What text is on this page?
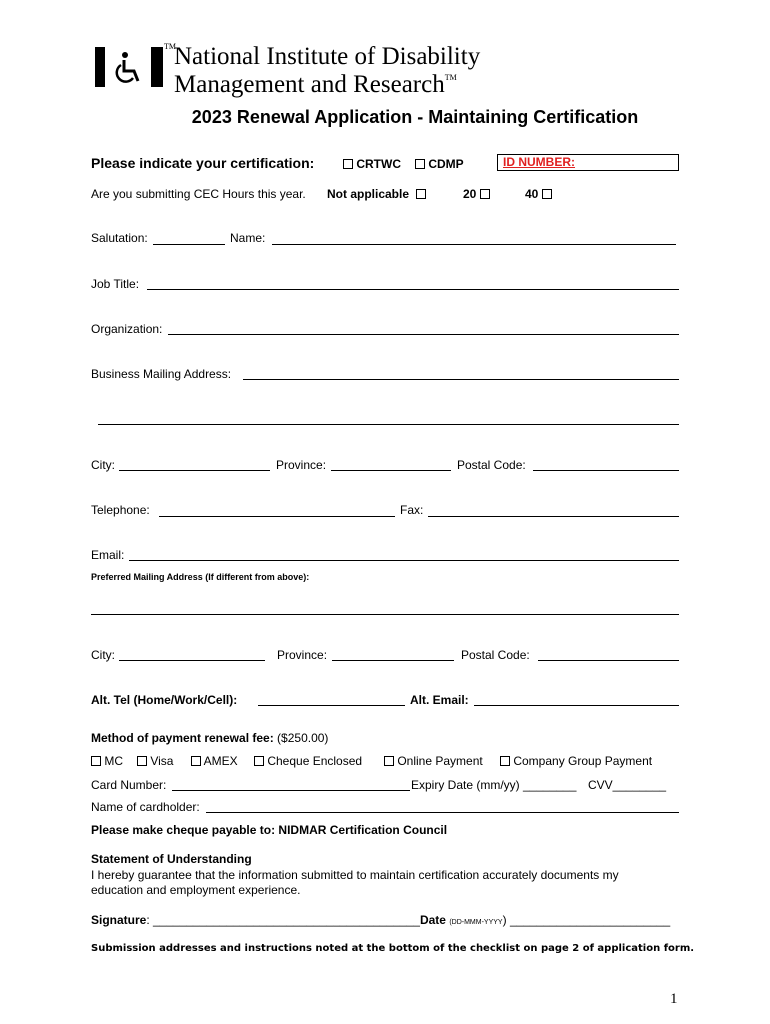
National Institute of Disability
TM
Management and Research™
2023 Renewal Application - Maintaining Certification
Please indicate your certification:	CRTWC	CDMP	ID NUMBER:
Are you submitting CEC Hours this year. Not applicable	20	40
Salutation:	Name:
Job Title:
Organization:
Business Mailing Address:
City:	Province:	Postal Code:
Telephone:	Fax:
Email:
Preferred Mailing Address (If different from above):
City:	Province:	Postal Code:
Alt. Tel (Home/Work/Cell):	Alt. Email:
Method of payment renewal fee: ($250.00)
MC	Visa	AMEX	Cheque Enclosed	Online Payment	Company Group Payment
Card Number:	Expiry Date (mm/yy) ________ CVV________
Name of cardholder:
Please make cheque payable to: NIDMAR Certification Council
Statement of Understanding
I hereby guarantee that the information submitted to maintain certification accurately documents my
education and employment experience.
Signature: ________________________________________Date (DD-MMM-YYYY) ________________________
Submission addresses and instructions noted at the bottom of the checklist on page 2 of application form.
1
